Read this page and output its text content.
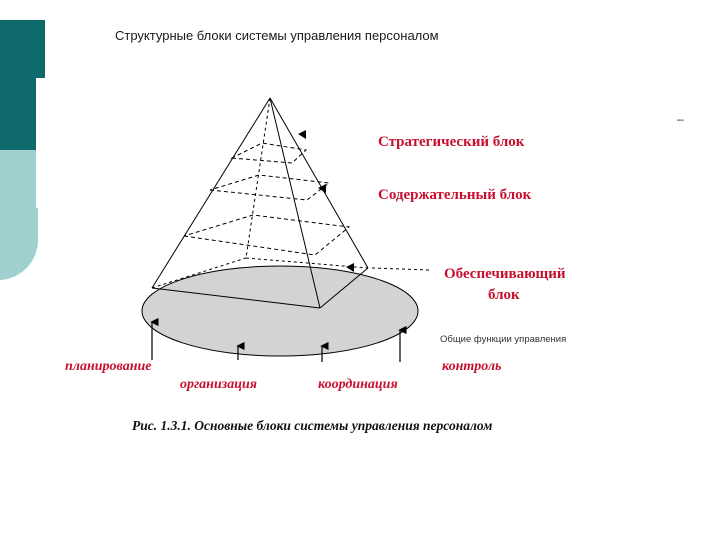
Структурные блоки системы управления персоналом
–
Стратегический блок
Содержательный блок
Обеспечивающий
блок
Общие функции управления
планирование
организация	координация
контроль
Рис. 1.3.1. Основные блоки системы управления персоналом
